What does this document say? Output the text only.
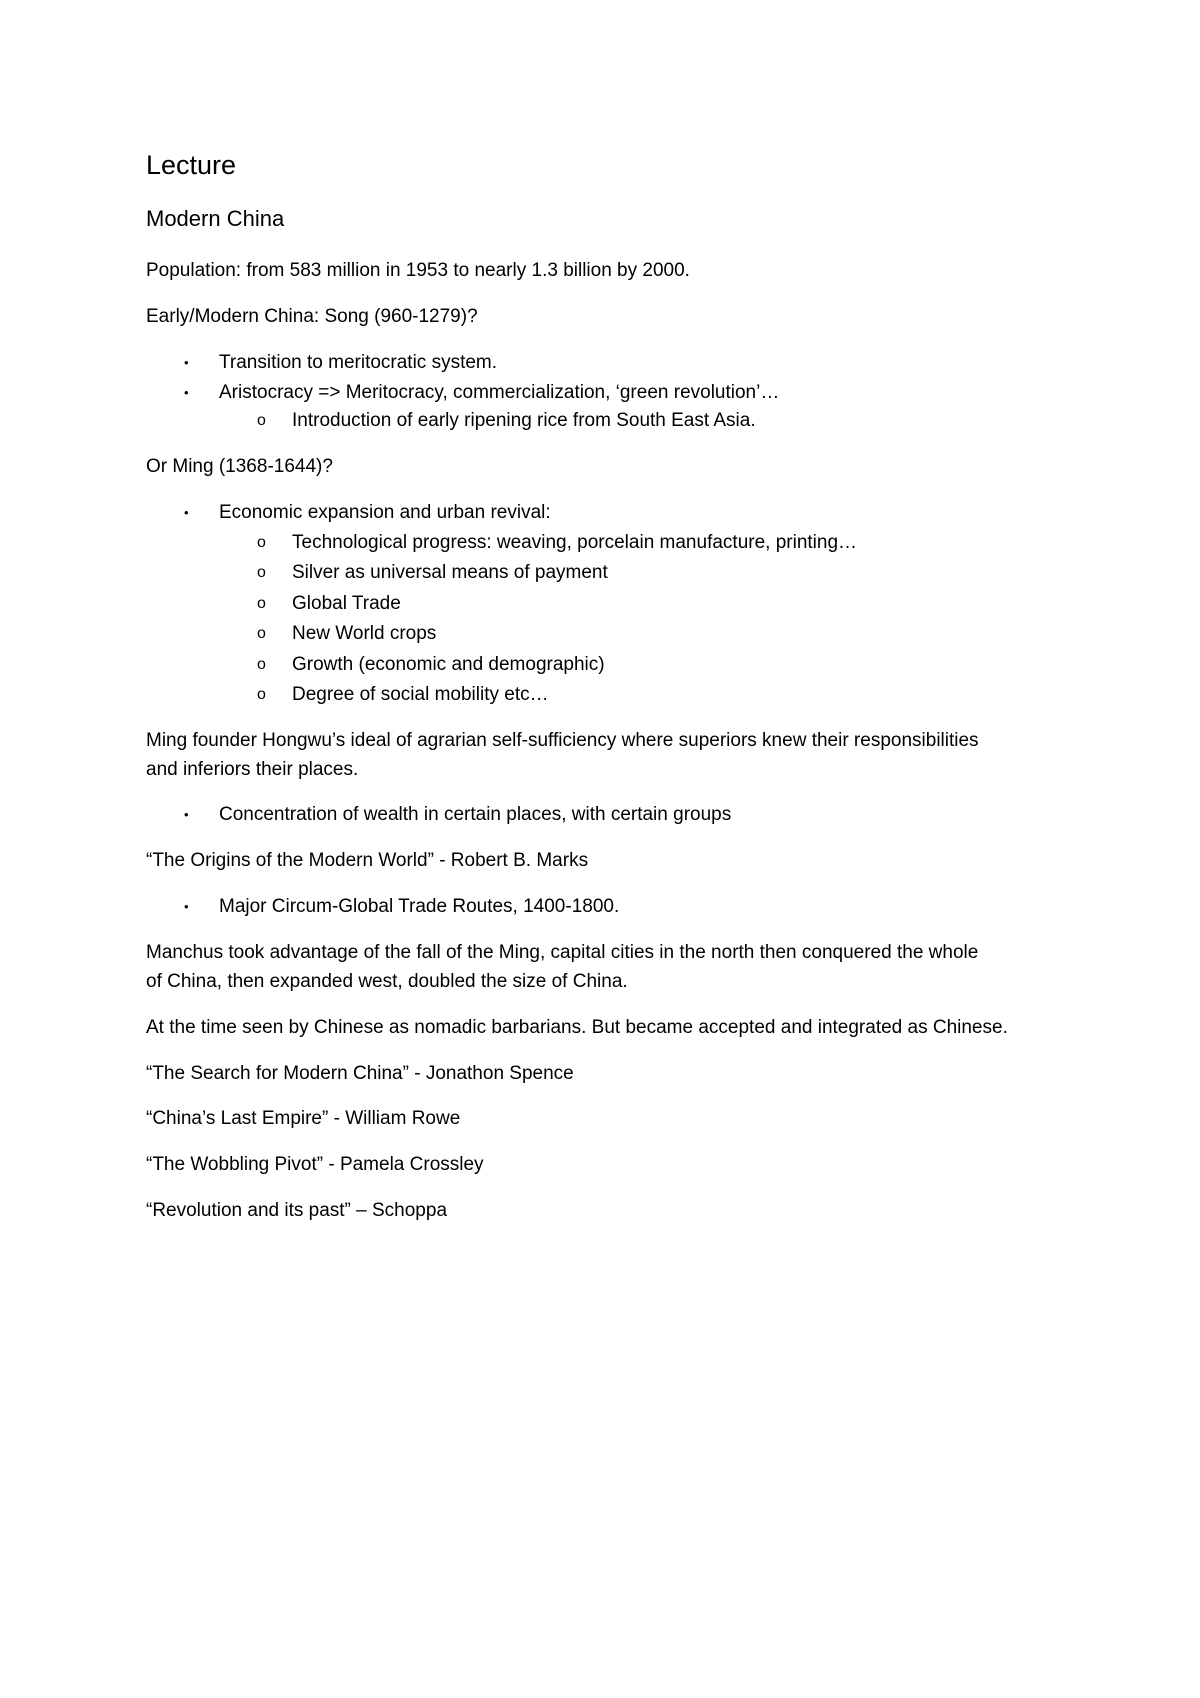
Lecture
Modern China
Population: from 583 million in 1953 to nearly 1.3 billion by 2000.
Early/Modern China: Song (960-1279)?
• Transition to meritocratic system.
• Aristocracy => Meritocracy, commercialization, ‘green revolution’…
o Introduction of early ripening rice from South East Asia.
Or Ming (1368-1644)?
• Economic expansion and urban revival:
o Technological progress: weaving, porcelain manufacture, printing…
o Silver as universal means of payment
o Global Trade
o New World crops
o Growth (economic and demographic)
o Degree of social mobility etc…
Ming founder Hongwu’s ideal of agrarian self-sufficiency where superiors knew their responsibilities
and inferiors their places.
• Concentration of wealth in certain places, with certain groups
“The Origins of the Modern World” - Robert B. Marks
• Major Circum-Global Trade Routes, 1400-1800.
Manchus took advantage of the fall of the Ming, capital cities in the north then conquered the whole
of China, then expanded west, doubled the size of China.
At the time seen by Chinese as nomadic barbarians. But became accepted and integrated as Chinese.
“The Search for Modern China” - Jonathon Spence
“China’s Last Empire” - William Rowe
“The Wobbling Pivot” - Pamela Crossley
“Revolution and its past” – Schoppa
